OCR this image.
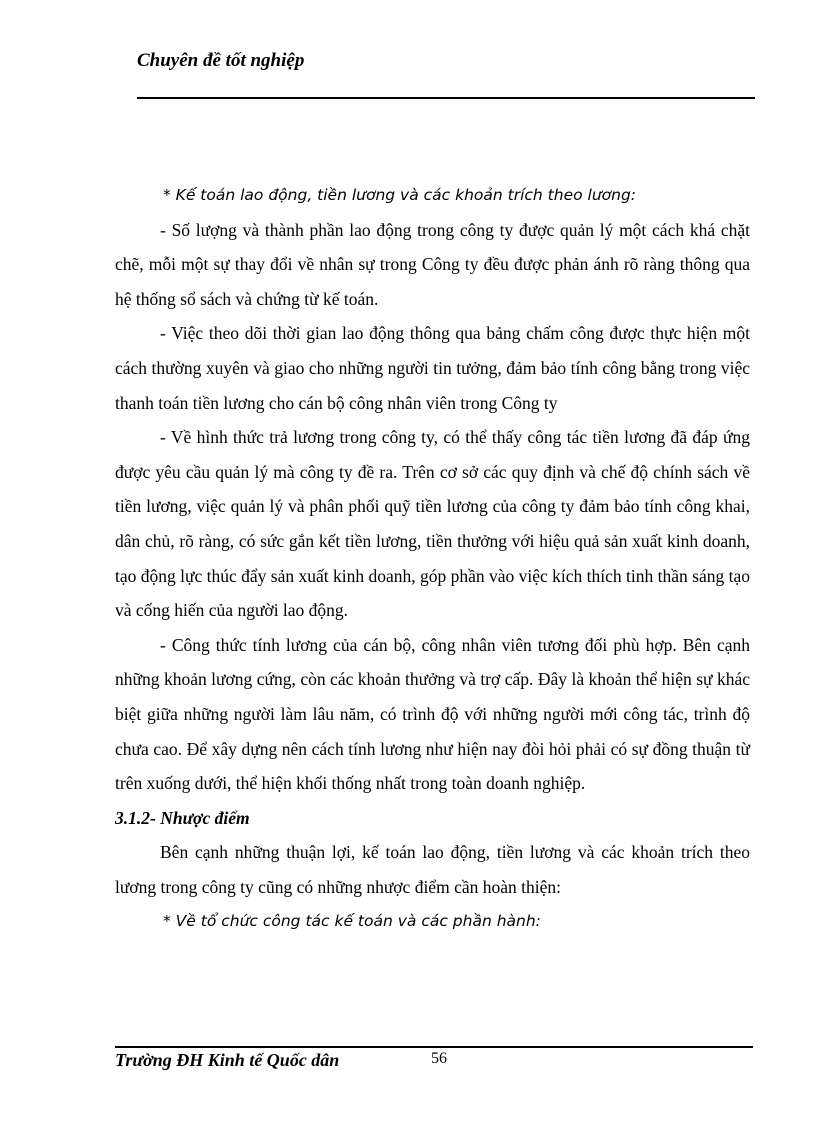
Chuyên đề tốt nghiệp

* Kế toán lao động, tiền lương và các khoản trích theo lương:

- Số lượng và thành phần lao động trong công ty được quản lý một cách khá chặt chẽ, mỗi một sự thay đổi về nhân sự trong Công ty đều được phản ánh rõ ràng thông qua hệ thống sổ sách và chứng từ kế toán.

- Việc theo dõi thời gian lao động thông qua bảng chấm công được thực hiện một cách thường xuyên và giao cho những người tin tưởng, đảm bảo tính công bằng trong việc thanh toán tiền lương cho cán bộ công nhân viên trong Công ty

- Về hình thức trả lương trong công ty, có thể thấy công tác tiền lương đã đáp ứng được yêu cầu quản lý mà công ty đề ra. Trên cơ sở các quy định và chế độ chính sách về tiền lương, việc quản lý và phân phối quỹ tiền lương của công ty đảm bảo tính công khai, dân chủ, rõ ràng, có sức gắn kết tiền lương, tiền thưởng với hiệu quả sản xuất kinh doanh, tạo động lực thúc đẩy sản xuất kinh doanh, góp phần vào việc kích thích tinh thần sáng tạo và cống hiến của người lao động.

- Công thức tính lương của cán bộ, công nhân viên tương đối phù hợp. Bên cạnh những khoản lương cứng, còn các khoản thưởng và trợ cấp. Đây là khoản thể hiện sự khác biệt giữa những người làm lâu năm, có trình độ với những người mới công tác, trình độ chưa cao. Để xây dựng nên cách tính lương như hiện nay đòi hỏi phải có sự đồng thuận từ trên xuống dưới, thể hiện khối thống nhất trong toàn doanh nghiệp.

3.1.2- Nhược điểm

Bên cạnh những thuận lợi, kế toán lao động, tiền lương và các khoản trích theo lương trong công ty cũng có những nhược điểm cần hoàn thiện:

* Về tổ chức công tác kế toán và các phần hành:

Trường ĐH Kinh tế Quốc dân	56
